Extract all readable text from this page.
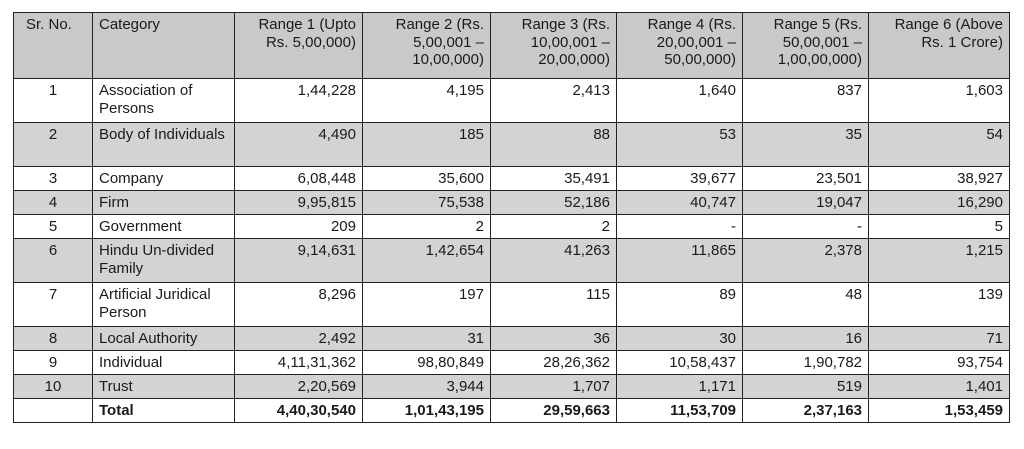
Sr. No.	Category	Range 1 (Upto Rs. 5,00,000)	Range 2 (Rs. 5,00,001 – 10,00,000)	Range 3 (Rs. 10,00,001 – 20,00,000)	Range 4 (Rs. 20,00,001 – 50,00,000)	Range 5 (Rs. 50,00,001 – 1,00,00,000)	Range 6 (Above Rs. 1 Crore)
1	Association of Persons	1,44,228	4,195	2,413	1,640	837	1,603
2	Body of Individuals	4,490	185	88	53	35	54
3	Company	6,08,448	35,600	35,491	39,677	23,501	38,927
4	Firm	9,95,815	75,538	52,186	40,747	19,047	16,290
5	Government	209	2	2	-	-	5
6	Hindu Un-divided Family	9,14,631	1,42,654	41,263	11,865	2,378	1,215
7	Artificial Juridical Person	8,296	197	115	89	48	139
8	Local Authority	2,492	31	36	30	16	71
9	Individual	4,11,31,362	98,80,849	28,26,362	10,58,437	1,90,782	93,754
10	Trust	2,20,569	3,944	1,707	1,171	519	1,401
	Total	4,40,30,540	1,01,43,195	29,59,663	11,53,709	2,37,163	1,53,459
